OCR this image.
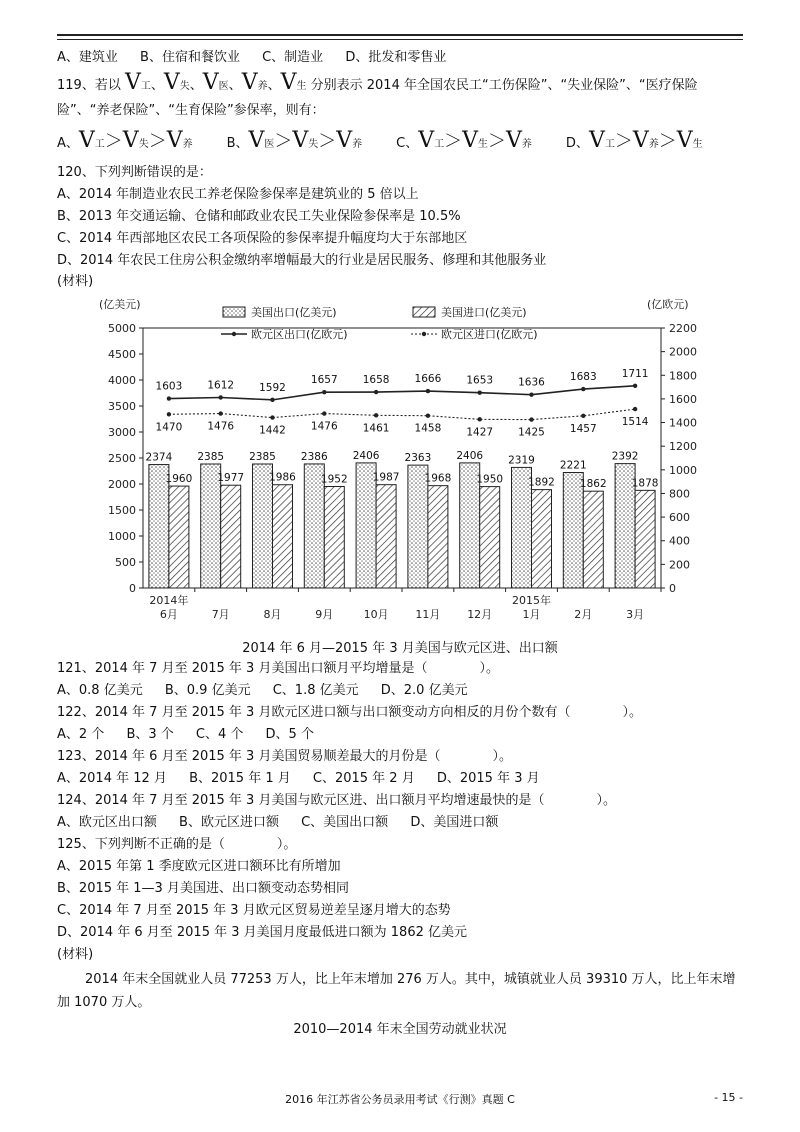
A、建筑业 B、住宿和餐饮业 C、制造业 D、批发和零售业
119、若以 V工、V失、V医、V养、V生 分别表示 2014 年全国农民工“工伤保险”、“失业保险”、“医疗保险
险”、“养老保险”、“生育保险”参保率，则有：
A、V工＞V失＞V养	B、V医＞V失＞V养	C、V工＞V生＞V养	D、V工＞V养＞V生
120、下列判断错误的是：
A、2014 年制造业农民工养老保险参保率是建筑业的 5 倍以上
B、2013 年交通运输、仓储和邮政业农民工失业保险参保率是 10.5%
C、2014 年西部地区农民工各项保险的参保率提升幅度均大于东部地区
D、2014 年农民工住房公积金缴纳率增幅最大的行业是居民服务、修理和其他服务业
(材料)
0
500
1000
1500
2000
2500
3000
3500
4000
4500
5000
0
200
400
600
800
1000
1200
1400
1600
1800
2000
2200
(亿美元)	(亿欧元)
2374
1960
2014年
6月
2385
1977
7月
2385
1986
8月
2386
1952
9月
2406
1987
10月
2363
1968
11月
2406
1950
12月
2319
1892
2015年
1月
2221
1862
2月
2392
1878
3月
1603 1612 1592
1657 1658 1666 1653 1636 1683 1711
1470 1476 1442 1476 1461 1458 1427 1425 1457
1514
美国出口(亿美元)	美国进口(亿美元)
欧元区出口(亿欧元)	欧元区进口(亿欧元)
2014 年 6 月—2015 年 3 月美国与欧元区进、出口额
121、2014 年 7 月至 2015 年 3 月美国出口额月平均增量是（　　　　）。
A、0.8 亿美元 B、0.9 亿美元 C、1.8 亿美元 D、2.0 亿美元
122、2014 年 7 月至 2015 年 3 月欧元区进口额与出口额变动方向相反的月份个数有（　　　　）。
A、2 个 B、3 个 C、4 个 D、5 个
123、2014 年 6 月至 2015 年 3 月美国贸易顺差最大的月份是（　　　　）。
A、2014 年 12 月 B、2015 年 1 月 C、2015 年 2 月 D、2015 年 3 月
124、2014 年 7 月至 2015 年 3 月美国与欧元区进、出口额月平均增速最快的是（　　　　）。
A、欧元区出口额 B、欧元区进口额 C、美国出口额 D、美国进口额
125、下列判断不正确的是（　　　　）。
A、2015 年第 1 季度欧元区进口额环比有所增加
B、2015 年 1—3 月美国进、出口额变动态势相同
C、2014 年 7 月至 2015 年 3 月欧元区贸易逆差呈逐月增大的态势
D、2014 年 6 月至 2015 年 3 月美国月度最低进口额为 1862 亿美元
(材料)
2014 年末全国就业人员 77253 万人，比上年末增加 276 万人。其中，城镇就业人员 39310 万人，比上年末增加 1070 万人。
2010—2014 年末全国劳动就业状况
2016 年江苏省公务员录用考试《行测》真题 C	- 15 -
